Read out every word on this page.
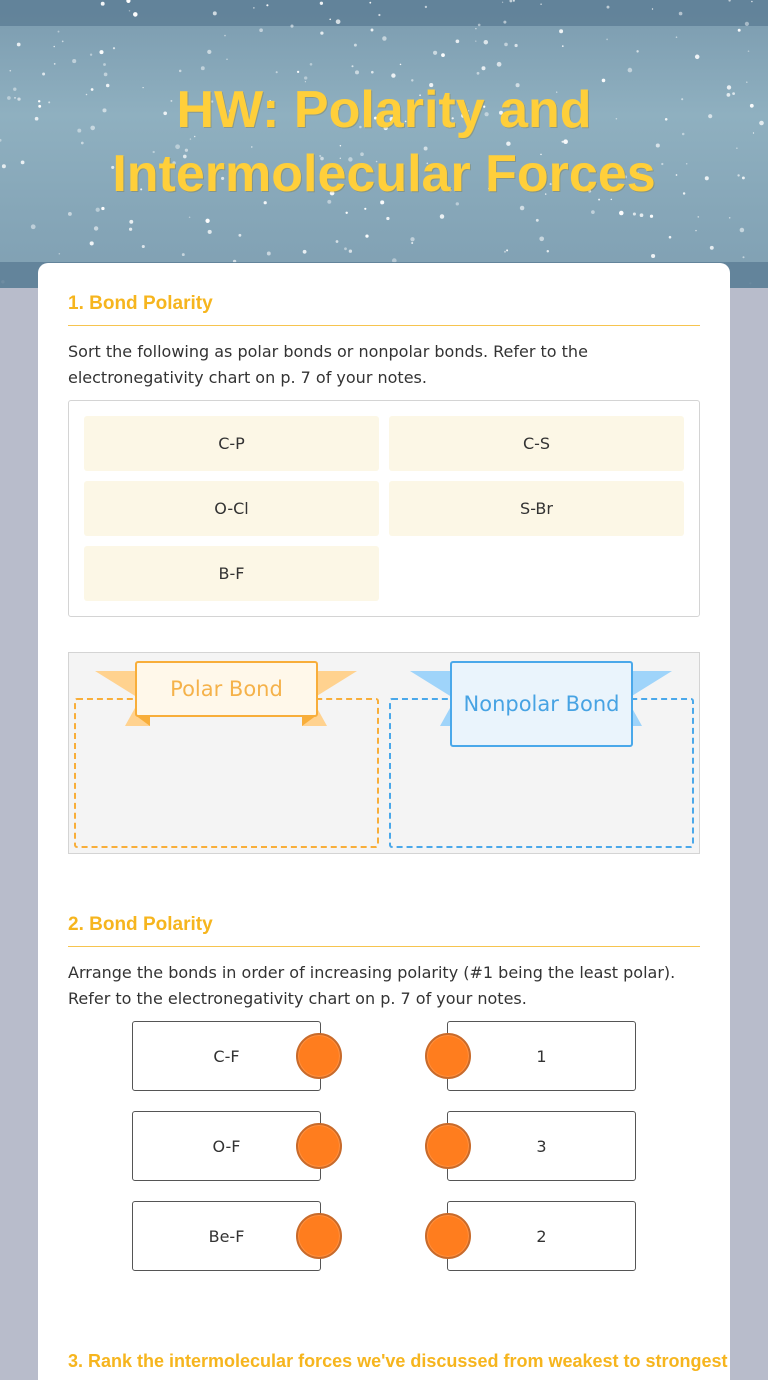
HW: Polarity and Intermolecular Forces
1. Bond Polarity
Sort the following as polar bonds or nonpolar bonds. Refer to the electronegativity chart on p. 7 of your notes.
C-P	C-S
O-Cl	S-Br
B-F
Polar Bond
Nonpolar Bond
2. Bond Polarity
Arrange the bonds in order of increasing polarity (#1 being the least polar). Refer to the electronegativity chart on p. 7 of your notes.
C-F
O-F
Be-F
1
3
2
3. Rank the intermolecular forces we've discussed from weakest to strongest
